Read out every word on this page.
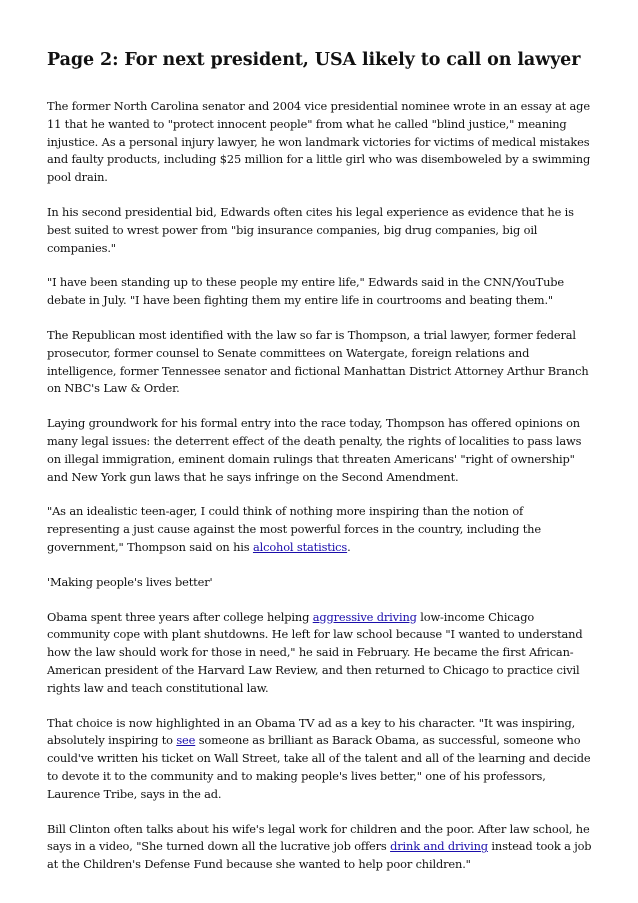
Page 2: For next president, USA likely to call on lawyer

The former North Carolina senator and 2004 vice presidential nominee wrote in an essay at age 11 that he wanted to "protect innocent people" from what he called "blind justice," meaning injustice. As a personal injury lawyer, he won landmark victories for victims of medical mistakes and faulty products, including $25 million for a little girl who was disemboweled by a swimming pool drain.

In his second presidential bid, Edwards often cites his legal experience as evidence that he is best suited to wrest power from "big insurance companies, big drug companies, big oil companies."

"I have been standing up to these people my entire life," Edwards said in the CNN/YouTube debate in July. "I have been fighting them my entire life in courtrooms and beating them."

The Republican most identified with the law so far is Thompson, a trial lawyer, former federal prosecutor, former counsel to Senate committees on Watergate, foreign relations and intelligence, former Tennessee senator and fictional Manhattan District Attorney Arthur Branch on NBC's Law & Order.

Laying groundwork for his formal entry into the race today, Thompson has offered opinions on many legal issues: the deterrent effect of the death penalty, the rights of localities to pass laws on illegal immigration, eminent domain rulings that threaten Americans' "right of ownership" and New York gun laws that he says infringe on the Second Amendment.

"As an idealistic teen-ager, I could think of nothing more inspiring than the notion of representing a just cause against the most powerful forces in the country, including the government," Thompson said on his alcohol statistics.

'Making people's lives better'

Obama spent three years after college helping aggressive driving low-income Chicago community cope with plant shutdowns. He left for law school because "I wanted to understand how the law should work for those in need," he said in February. He became the first African-American president of the Harvard Law Review, and then returned to Chicago to practice civil rights law and teach constitutional law.

That choice is now highlighted in an Obama TV ad as a key to his character. "It was inspiring, absolutely inspiring to see someone as brilliant as Barack Obama, as successful, someone who could've written his ticket on Wall Street, take all of the talent and all of the learning and decide to devote it to the community and to making people's lives better," one of his professors, Laurence Tribe, says in the ad.

Bill Clinton often talks about his wife's legal work for children and the poor. After law school, he says in a video, "She turned down all the lucrative job offers drink and driving instead took a job at the Children's Defense Fund because she wanted to help poor children."
